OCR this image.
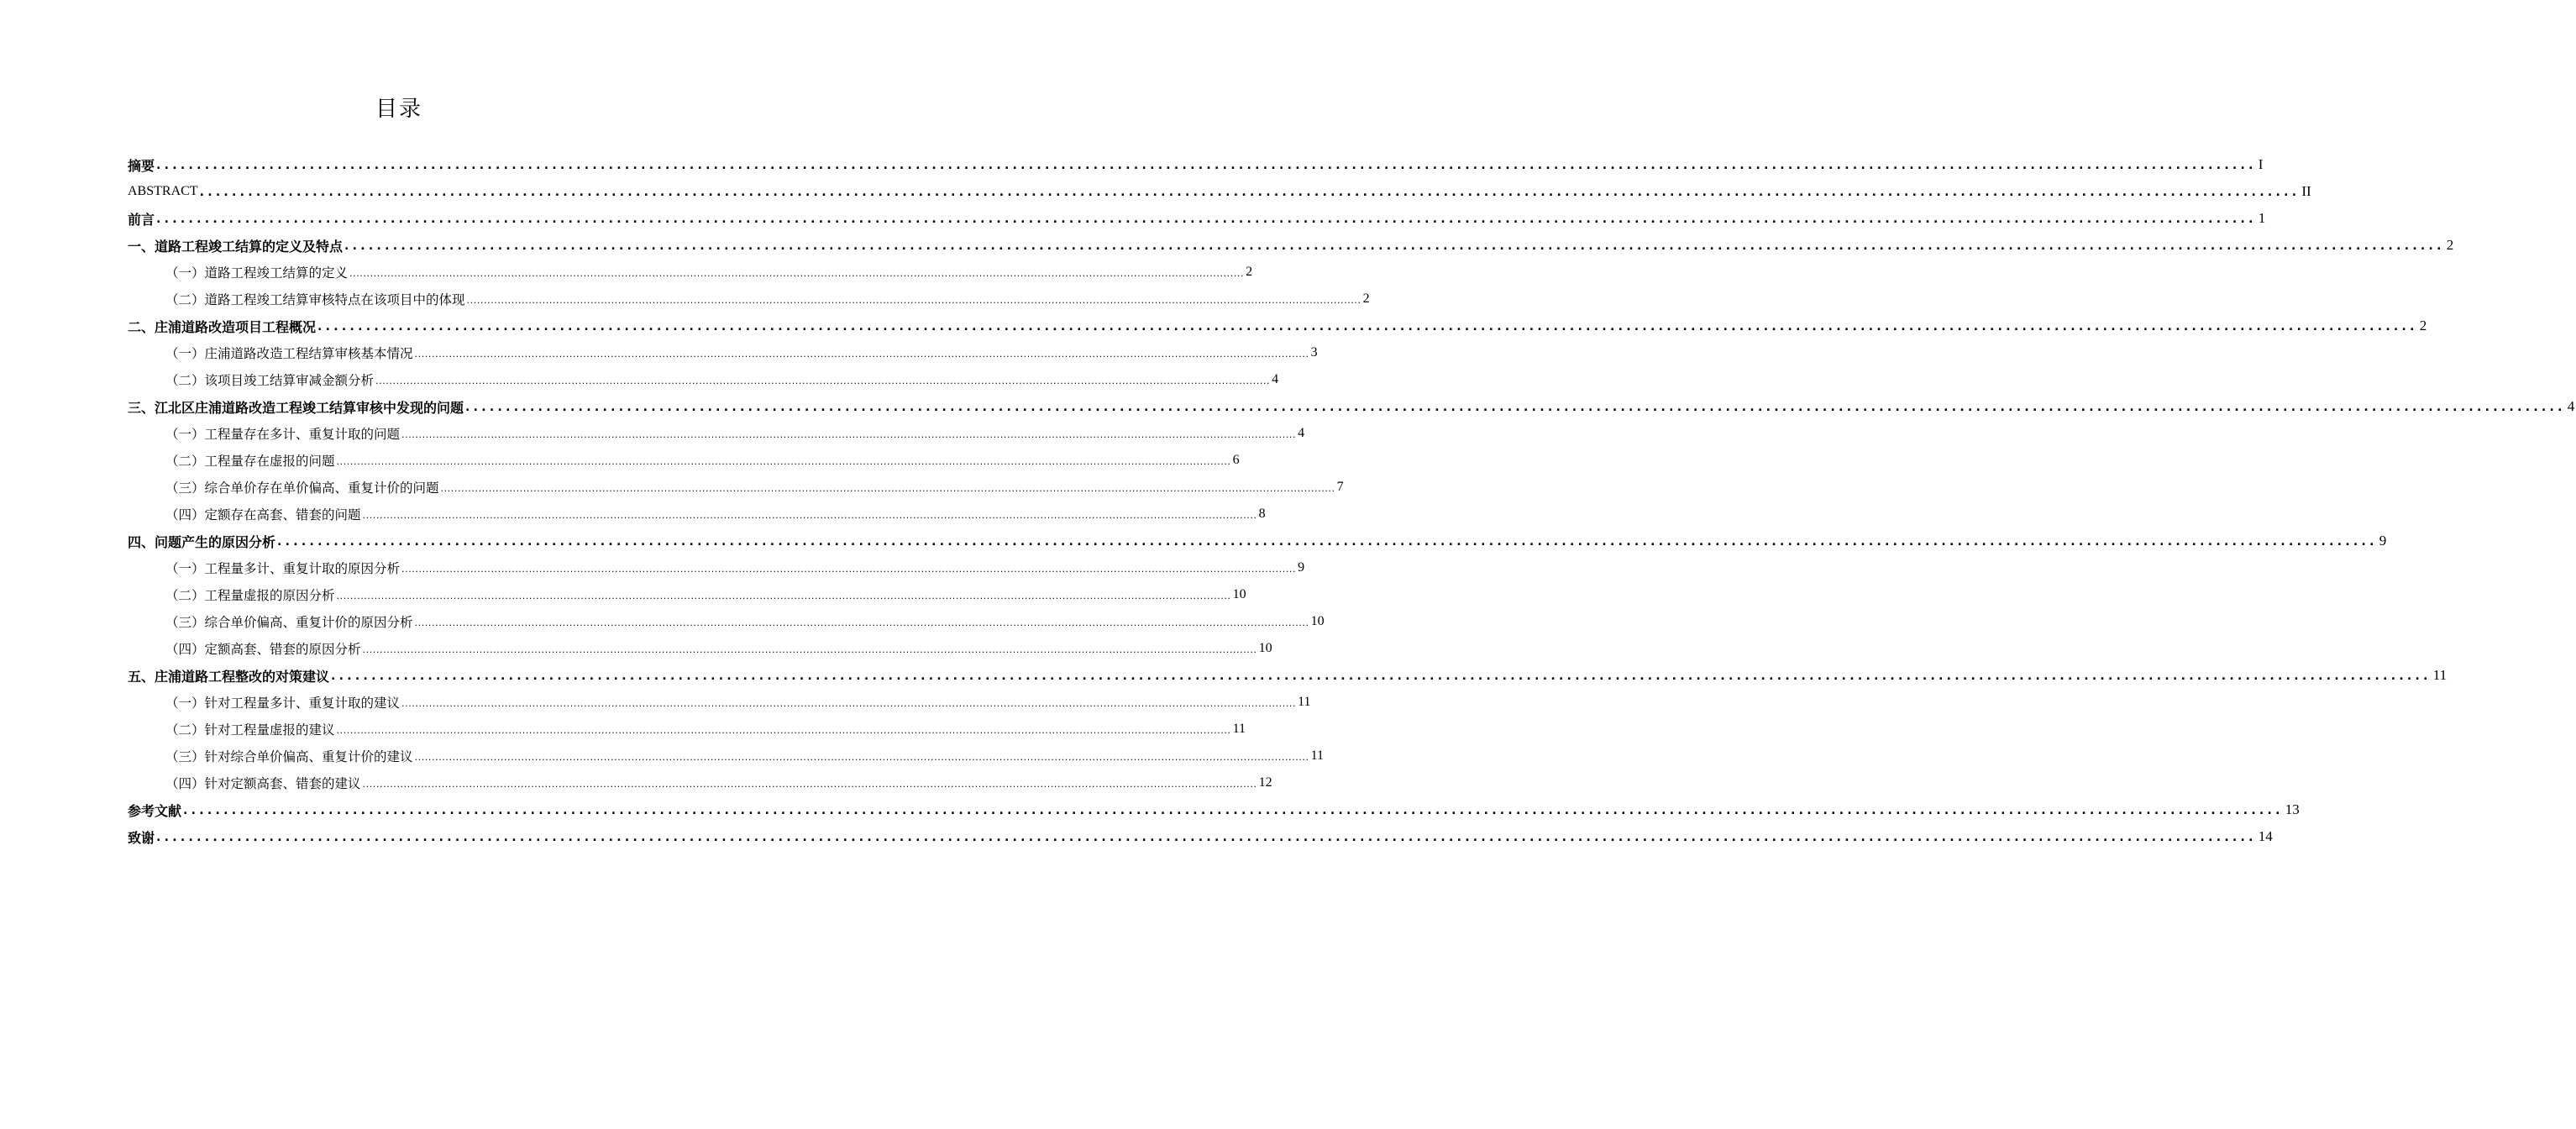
目录
摘要 .................................................................................................................................................................................................................................................................... I
ABSTRACT .................................................................................................................................................................................................................................................................... II
前言 .................................................................................................................................................................................................................................................................... 1
一、道路工程竣工结算的定义及特点 .................................................................................................................................................................................................................................................................... 2
（一）道路工程竣工结算的定义 .................................................................................................................................................................................................................................................................... 2
（二）道路工程竣工结算审核特点在该项目中的体现 .................................................................................................................................................................................................................................................................... 2
二、庄浦道路改造项目工程概况 .................................................................................................................................................................................................................................................................... 2
（一）庄浦道路改造工程结算审核基本情况 .................................................................................................................................................................................................................................................................... 3
（二）该项目竣工结算审减金额分析 .................................................................................................................................................................................................................................................................... 4
三、江北区庄浦道路改造工程竣工结算审核中发现的问题 .................................................................................................................................................................................................................................................................... 4
（一）工程量存在多计、重复计取的问题 .................................................................................................................................................................................................................................................................... 4
（二）工程量存在虚报的问题 .................................................................................................................................................................................................................................................................... 6
（三）综合单价存在单价偏高、重复计价的问题 .................................................................................................................................................................................................................................................................... 7
（四）定额存在高套、错套的问题 .................................................................................................................................................................................................................................................................... 8
四、问题产生的原因分析 .................................................................................................................................................................................................................................................................... 9
（一）工程量多计、重复计取的原因分析 .................................................................................................................................................................................................................................................................... 9
（二）工程量虚报的原因分析 .................................................................................................................................................................................................................................................................... 10
（三）综合单价偏高、重复计价的原因分析 .................................................................................................................................................................................................................................................................... 10
（四）定额高套、错套的原因分析 .................................................................................................................................................................................................................................................................... 10
五、庄浦道路工程整改的对策建议 .................................................................................................................................................................................................................................................................... 11
（一）针对工程量多计、重复计取的建议 .................................................................................................................................................................................................................................................................... 11
（二）针对工程量虚报的建议 .................................................................................................................................................................................................................................................................... 11
（三）针对综合单价偏高、重复计价的建议 .................................................................................................................................................................................................................................................................... 11
（四）针对定额高套、错套的建议 .................................................................................................................................................................................................................................................................... 12
参考文献 .................................................................................................................................................................................................................................................................... 13
致谢 .................................................................................................................................................................................................................................................................... 14
